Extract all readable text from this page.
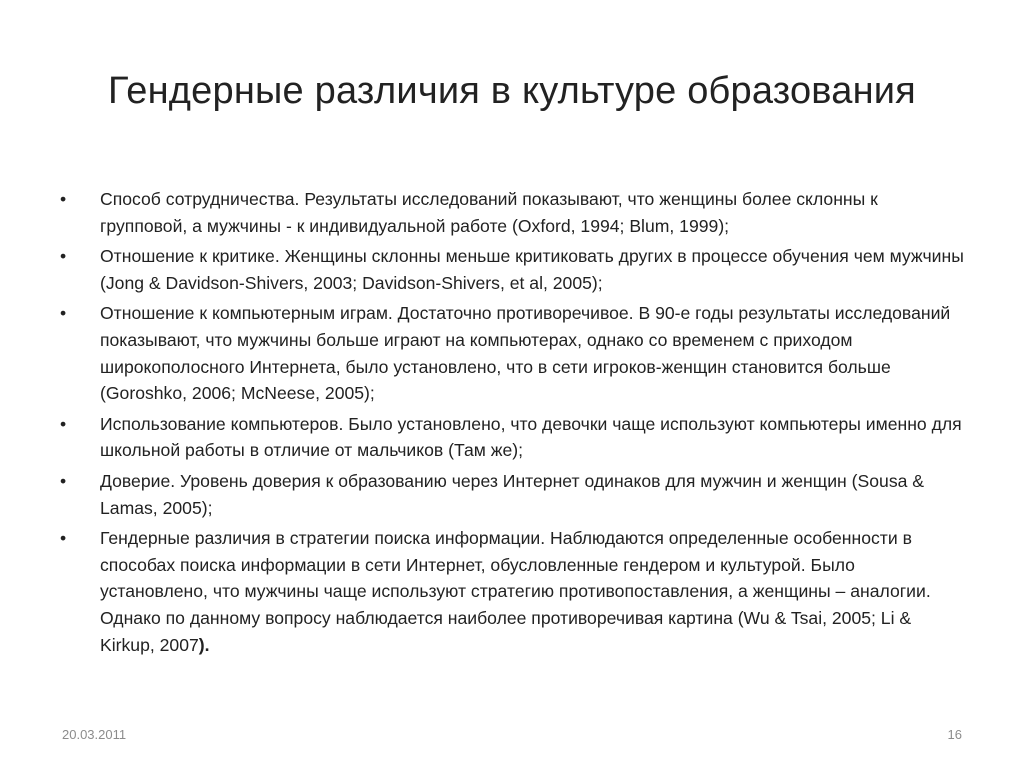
Гендерные различия в культуре образования
•	Способ сотрудничества. Результаты исследований показывают, что женщины более склонны к групповой, а мужчины - к индивидуальной работе (Oxford, 1994; Blum, 1999);
•	Отношение к критике. Женщины склонны меньше критиковать других в процессе обучения чем мужчины (Jong & Davidson-Shivers, 2003; Davidson-Shivers, et al, 2005);
•	Отношение к компьютерным играм. Достаточно противоречивое. В 90-е годы результаты исследований показывают, что мужчины больше играют на компьютерах, однако со временем с приходом широкополосного Интернета, было установлено, что в сети игроков-женщин становится больше (Goroshko, 2006; McNeese, 2005);
•	Использование компьютеров. Было установлено, что девочки чаще используют компьютеры именно для школьной работы в отличие от мальчиков (Там же);
•	Доверие. Уровень доверия к образованию через Интернет одинаков для мужчин и женщин (Sousa & Lamas, 2005);
•	Гендерные различия в стратегии поиска информации. Наблюдаются определенные особенности в способах поиска информации в сети Интернет, обусловленные гендером и культурой. Было установлено, что мужчины чаще используют стратегию противопоставления, а женщины – аналогии. Однако по данному вопросу наблюдается наиболее противоречивая картина (Wu & Tsai, 2005; Li & Kirkup, 2007).
20.03.2011	16
